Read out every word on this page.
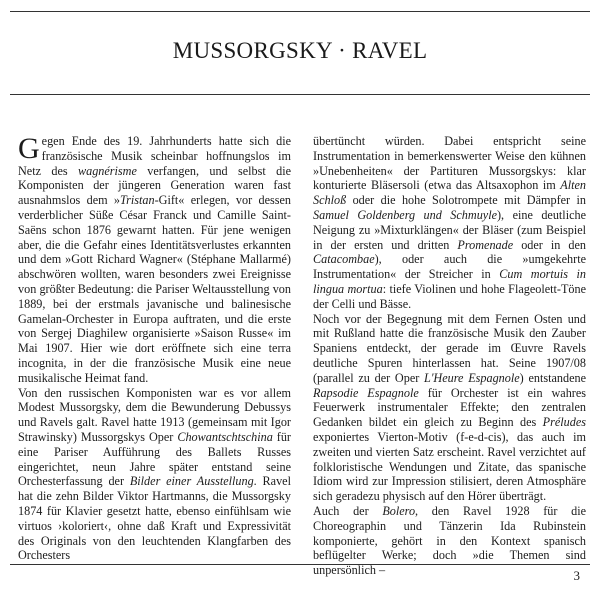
MUSSORGSKY · RAVEL

Gegen Ende des 19. Jahrhunderts hatte sich die französische Musik scheinbar hoffnungslos im Netz des wagnérisme verfangen, und selbst die Komponisten der jüngeren Generation waren fast ausnahmslos dem »Tristan-Gift« erlegen, vor dessen verderblicher Süße César Franck und Camille Saint-Saëns schon 1876 gewarnt hatten. Für jene wenigen aber, die die Gefahr eines Identitätsverlustes erkannten und dem »Gott Richard Wagner« (Stéphane Mallarmé) abschwören wollten, waren besonders zwei Ereignisse von größter Bedeutung: die Pariser Weltausstellung von 1889, bei der erstmals javanische und balinesische Gamelan-Orchester in Europa auftraten, und die erste von Sergej Diaghilew organisierte »Saison Russe« im Mai 1907. Hier wie dort eröffnete sich eine terra incognita, in der die französische Musik eine neue musikalische Heimat fand.

Von den russischen Komponisten war es vor allem Modest Mussorgsky, dem die Bewunderung Debussys und Ravels galt. Ravel hatte 1913 (gemeinsam mit Igor Strawinsky) Mussorgskys Oper Chowantschtschina für eine Pariser Aufführung des Ballets Russes eingerichtet, neun Jahre später entstand seine Orchesterfassung der Bilder einer Ausstellung. Ravel hat die zehn Bilder Viktor Hartmanns, die Mussorgsky 1874 für Klavier gesetzt hatte, ebenso einfühlsam wie virtuos ›koloriert‹, ohne daß Kraft und Expressivität des Originals von den leuchtenden Klangfarben des Orchesters

übertüncht würden. Dabei entspricht seine Instrumentation in bemerkenswerter Weise den kühnen »Unebenheiten« der Partituren Mussorgskys: klar konturierte Bläsersoli (etwa das Altsaxophon im Alten Schloß oder die hohe Solotrompete mit Dämpfer in Samuel Goldenberg und Schmuyle), eine deutliche Neigung zu »Mixturklängen« der Bläser (zum Beispiel in der ersten und dritten Promenade oder in den Catacombae), oder auch die »umgekehrte Instrumentation« der Streicher in Cum mortuis in lingua mortua: tiefe Violinen und hohe Flageolett-Töne der Celli und Bässe.

Noch vor der Begegnung mit dem Fernen Osten und mit Rußland hatte die französische Musik den Zauber Spaniens entdeckt, der gerade im Œuvre Ravels deutliche Spuren hinterlassen hat. Seine 1907/08 (parallel zu der Oper L'Heure Espagnole) entstandene Rapsodie Espagnole für Orchester ist ein wahres Feuerwerk instrumentaler Effekte; den zentralen Gedanken bildet ein gleich zu Beginn des Préludes exponiertes Vierton-Motiv (f-e-d-cis), das auch im zweiten und vierten Satz erscheint. Ravel verzichtet auf folkloristische Wendungen und Zitate, das spanische Idiom wird zur Impression stilisiert, deren Atmosphäre sich geradezu physisch auf den Hörer überträgt.

Auch der Bolero, den Ravel 1928 für die Choreographin und Tänzerin Ida Rubinstein komponierte, gehört in den Kontext spanisch beflügelter Werke; doch »die Themen sind unpersönlich –	3
